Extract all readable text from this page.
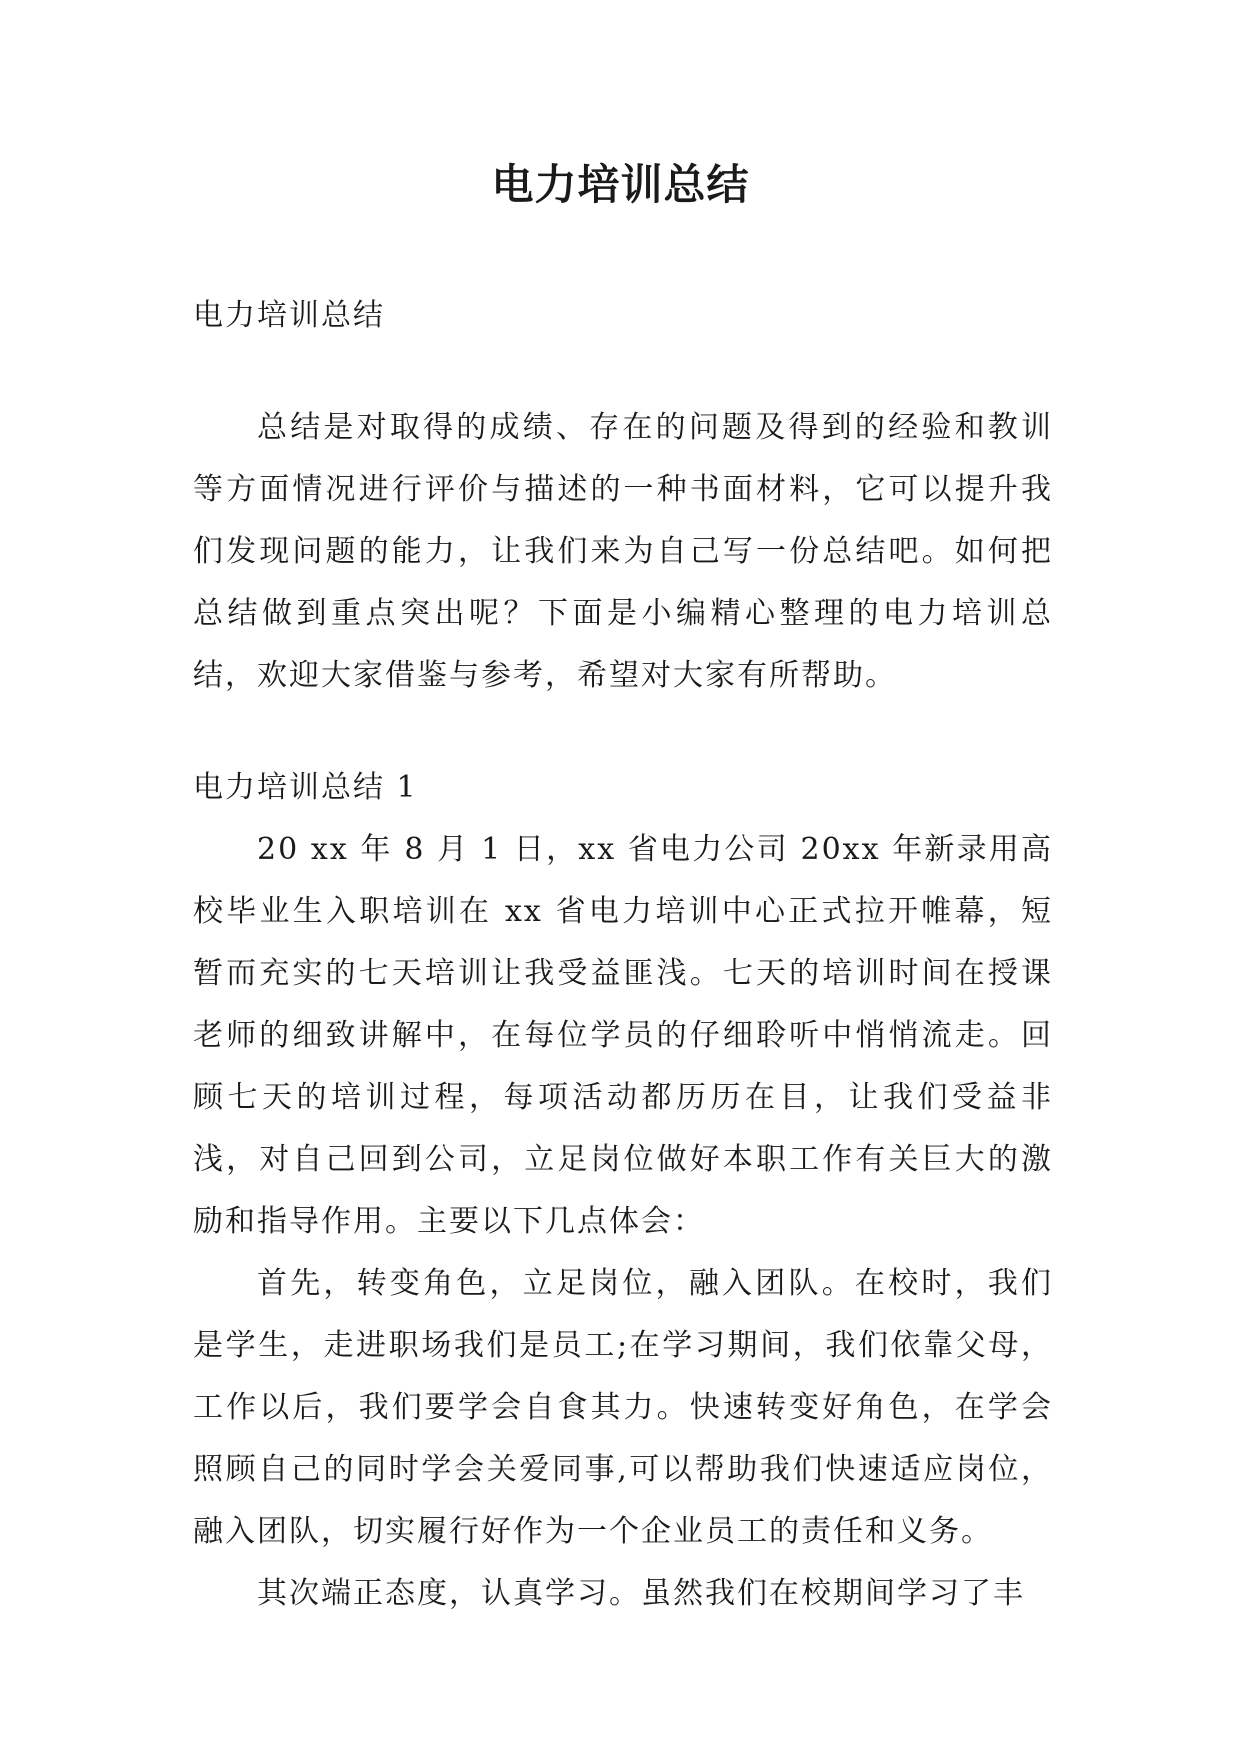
电力培训总结

电力培训总结

总结是对取得的成绩、存在的问题及得到的经验和教训等方面情况进行评价与描述的一种书面材料，它可以提升我们发现问题的能力，让我们来为自己写一份总结吧。如何把总结做到重点突出呢？下面是小编精心整理的电力培训总结，欢迎大家借鉴与参考，希望对大家有所帮助。

电力培训总结 1

20 xx 年 8 月 1 日，xx 省电力公司 20xx 年新录用高校毕业生入职培训在 xx 省电力培训中心正式拉开帷幕，短暂而充实的七天培训让我受益匪浅。七天的培训时间在授课老师的细致讲解中，在每位学员的仔细聆听中悄悄流走。回顾七天的培训过程，每项活动都历历在目，让我们受益非浅，对自己回到公司，立足岗位做好本职工作有关巨大的激励和指导作用。主要以下几点体会：

首先，转变角色，立足岗位，融入团队。在校时，我们是学生，走进职场我们是员工;在学习期间，我们依靠父母，工作以后，我们要学会自食其力。快速转变好角色，在学会照顾自己的同时学会关爱同事,可以帮助我们快速适应岗位，融入团队，切实履行好作为一个企业员工的责任和义务。

其次端正态度，认真学习。虽然我们在校期间学习了丰
